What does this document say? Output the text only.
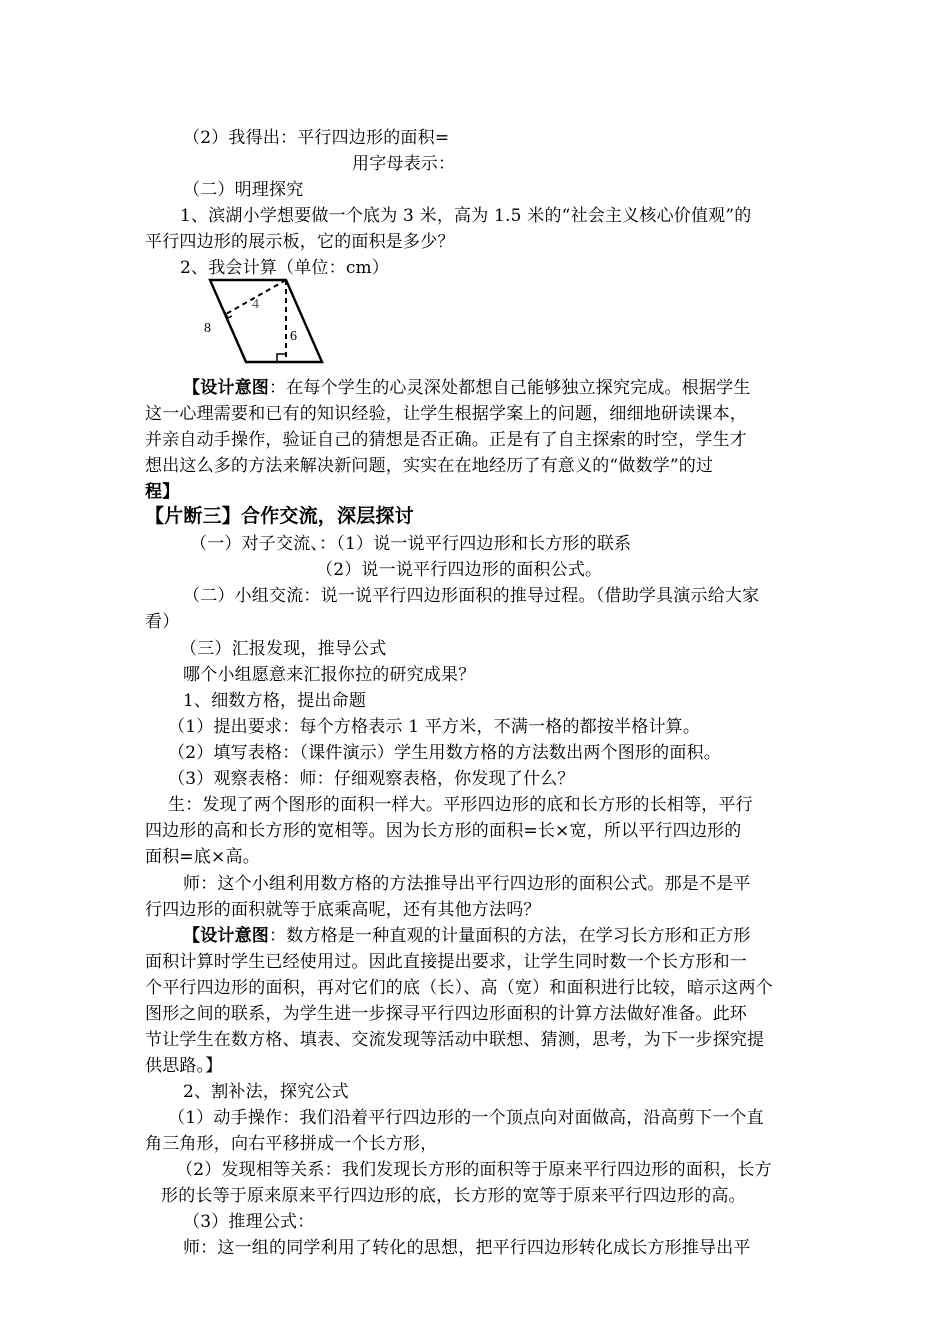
（2）我得出：平行四边形的面积=
用字母表示：
（二）明理探究
1、滨湖小学想要做一个底为 3 米，高为 1.5 米的“社会主义核心价值观”的
平行四边形的展示板，它的面积是多少？
2、我会计算（单位：cm）
8
4
6
【设计意图：在每个学生的心灵深处都想自己能够独立探究完成。根据学生
这一心理需要和已有的知识经验，让学生根据学案上的问题，细细地研读课本，
并亲自动手操作，验证自己的猜想是否正确。正是有了自主探索的时空，学生才
想出这么多的方法来解决新问题，实实在在地经历了有意义的“做数学”的过
程】
【片断三】合作交流，深层探讨
（一）对子交流、：（1）说一说平行四边形和长方形的联系
（2）说一说平行四边形的面积公式。
（二）小组交流：说一说平行四边形面积的推导过程。（借助学具演示给大家
看）
（三）汇报发现，推导公式
哪个小组愿意来汇报你拉的研究成果？
1、细数方格，提出命题
（1）提出要求：每个方格表示 1 平方米，不满一格的都按半格计算。
（2）填写表格：（课件演示）学生用数方格的方法数出两个图形的面积。
（3）观察表格：师：仔细观察表格，你发现了什么？
生：发现了两个图形的面积一样大。平形四边形的底和长方形的长相等，平行
四边形的高和长方形的宽相等。因为长方形的面积=长×宽，所以平行四边形的
面积=底×高。
师：这个小组利用数方格的方法推导出平行四边形的面积公式。那是不是平
行四边形的面积就等于底乘高呢，还有其他方法吗？
【设计意图：数方格是一种直观的计量面积的方法，在学习长方形和正方形
面积计算时学生已经使用过。因此直接提出要求，让学生同时数一个长方形和一
个平行四边形的面积，再对它们的底（长）、高（宽）和面积进行比较，暗示这两个
图形之间的联系，为学生进一步探寻平行四边形面积的计算方法做好准备。此环
节让学生在数方格、填表、交流发现等活动中联想、猜测，思考，为下一步探究提
供思路。】
2、割补法，探究公式
（1）动手操作：我们沿着平行四边形的一个顶点向对面做高，沿高剪下一个直
角三角形，向右平移拼成一个长方形，
（2）发现相等关系：我们发现长方形的面积等于原来平行四边形的面积，长方
形的长等于原来原来平行四边形的底，长方形的宽等于原来平行四边形的高。
（3）推理公式：
师：这一组的同学利用了转化的思想，把平行四边形转化成长方形推导出平
